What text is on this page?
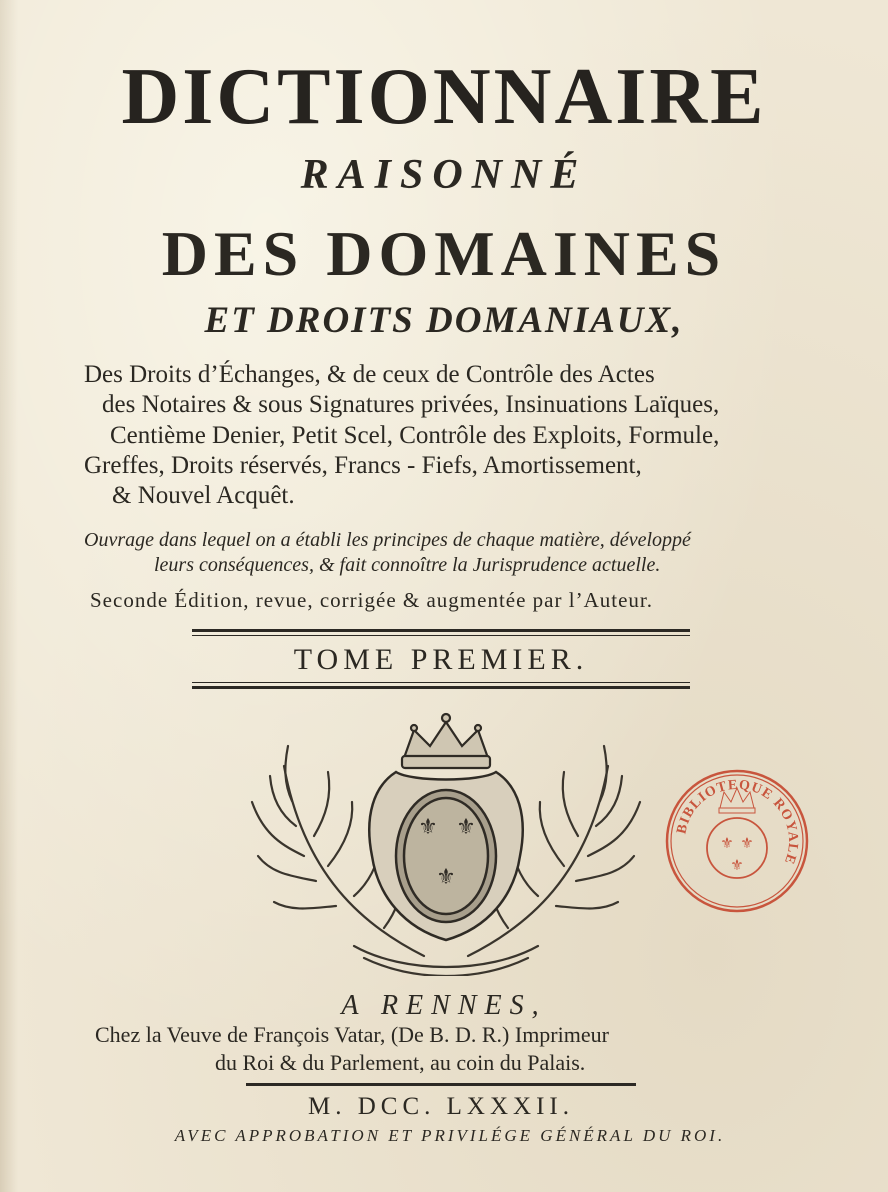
DICTIONNAIRE
RAISONNÉ
DES DOMAINES
ET DROITS DOMANIAUX,
Des Droits d’Échanges, & de ceux de Contrôle des Actes
des Notaires & sous Signatures privées, Insinuations Laïques,
Centième Denier, Petit Scel, Contrôle des Exploits, Formule,
Greffes, Droits réservés, Francs - Fiefs, Amortissement,
& Nouvel Acquêt.
Ouvrage dans lequel on a établi les principes de chaque matière, développé
leurs conséquences, & fait connoître la Jurisprudence actuelle.
Seconde Édition, revue, corrigée & augmentée par l’Auteur.
TOME PREMIER.
⚜ ⚜
⚜
⚜ ⚜
⚜
BIBLIOTEQUE ROYALE
A RENNES,
Chez la Veuve de François Vatar, (De B. D. R.) Imprimeur
du Roi & du Parlement, au coin du Palais.
M. DCC. LXXXII.
AVEC APPROBATION ET PRIVILÉGE GÉNÉRAL DU ROI.
